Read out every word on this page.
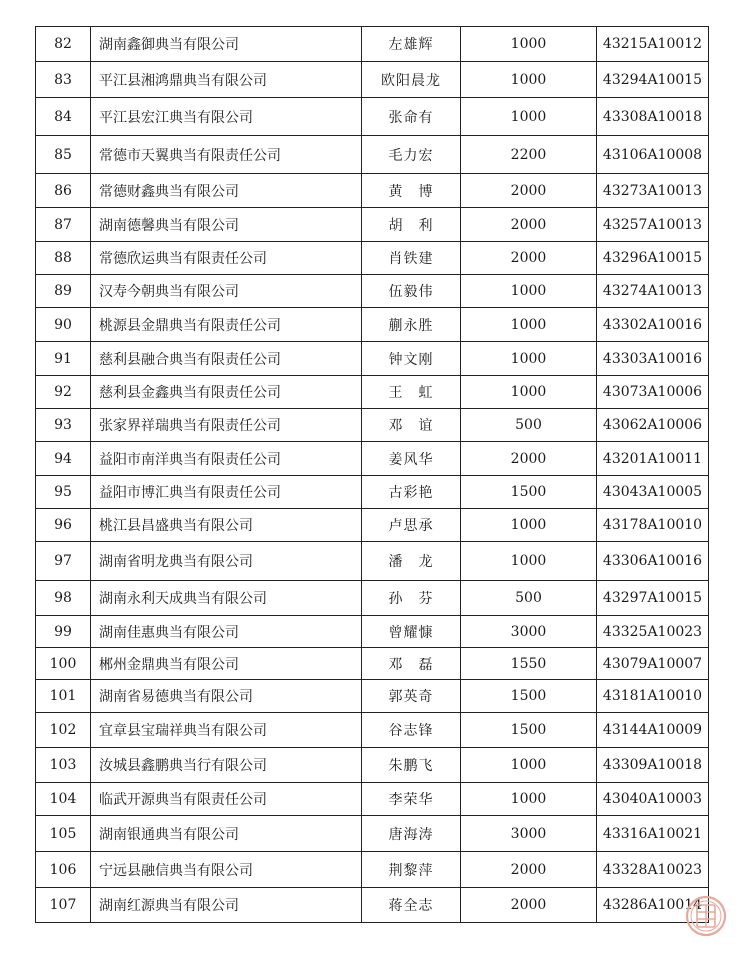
82	湖南鑫御典当有限公司	左雄辉	1000	43215A10012
83	平江县湘鸿鼎典当有限公司	欧阳晨龙	1000	43294A10015
84	平江县宏江典当有限公司	张命有	1000	43308A10018
85	常德市天翼典当有限责任公司	毛力宏	2200	43106A10008
86	常德财鑫典当有限公司	黄　博	2000	43273A10013
87	湖南德馨典当有限公司	胡　利	2000	43257A10013
88	常德欣运典当有限责任公司	肖铁建	2000	43296A10015
89	汉寿今朝典当有限公司	伍毅伟	1000	43274A10013
90	桃源县金鼎典当有限责任公司	蒯永胜	1000	43302A10016
91	慈利县融合典当有限责任公司	钟文刚	1000	43303A10016
92	慈利县金鑫典当有限责任公司	王　虹	1000	43073A10006
93	张家界祥瑞典当有限责任公司	邓　谊	500	43062A10006
94	益阳市南洋典当有限责任公司	姜风华	2000	43201A10011
95	益阳市博汇典当有限责任公司	古彩艳	1500	43043A10005
96	桃江县昌盛典当有限公司	卢思承	1000	43178A10010
97	湖南省明龙典当有限公司	潘　龙	1000	43306A10016
98	湖南永利天成典当有限公司	孙　芬	500	43297A10015
99	湖南佳惠典当有限公司	曾耀慷	3000	43325A10023
100	郴州金鼎典当有限公司	邓　磊	1550	43079A10007
101	湖南省易德典当有限公司	郭英奇	1500	43181A10010
102	宜章县宝瑞祥典当有限公司	谷志锋	1500	43144A10009
103	汝城县鑫鹏典当行有限公司	朱鹏飞	1000	43309A10018
104	临武开源典当有限责任公司	李荣华	1000	43040A10003
105	湖南银通典当有限公司	唐海涛	3000	43316A10021
106	宁远县融信典当有限公司	荆黎萍	2000	43328A10023
107	湖南红源典当有限公司	蒋全志	2000	43286A10014
